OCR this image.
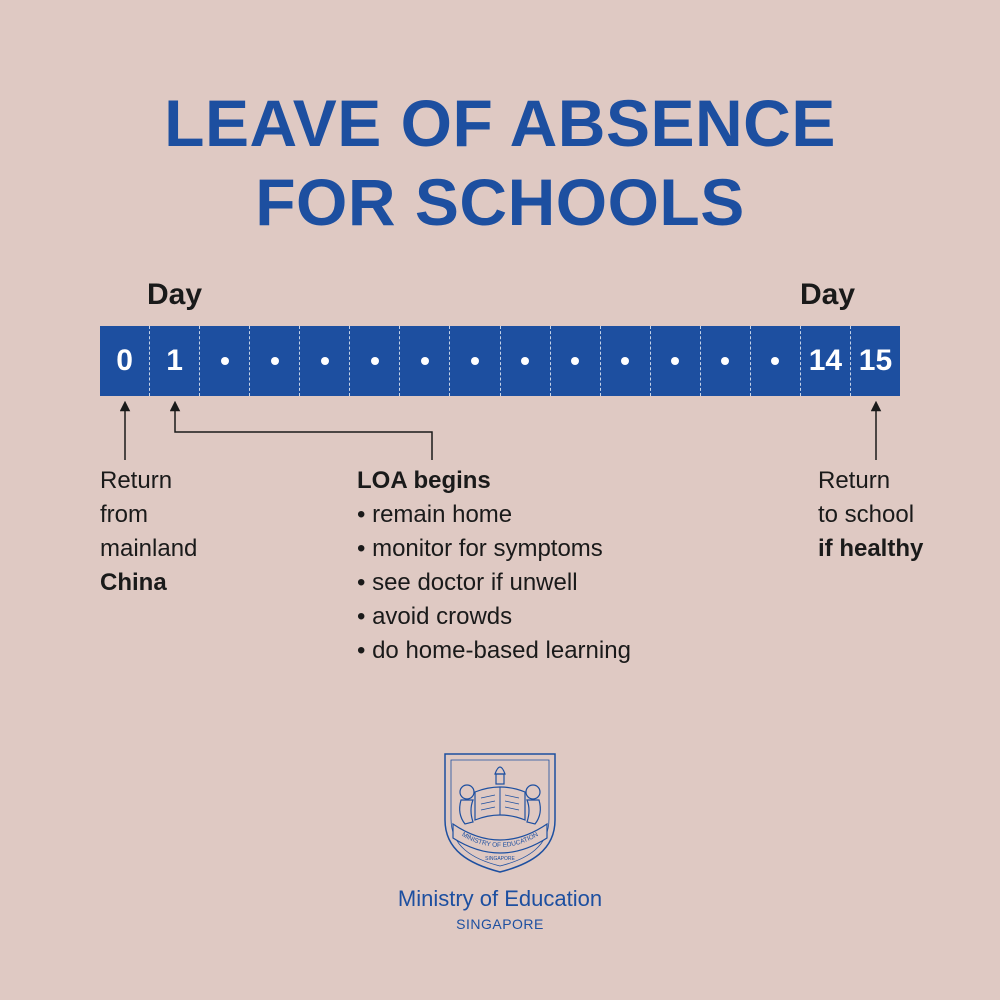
LEAVE OF ABSENCE
FOR SCHOOLS
Day	Day
0	1	14 15
Return
from
mainland
China
LOA begins
• remain home
• monitor for symptoms
• see doctor if unwell
• avoid crowds
• do home-based learning
Return
to school
if healthy
MINISTRY OF EDUCATION
SINGAPORE
Ministry of Education
SINGAPORE
